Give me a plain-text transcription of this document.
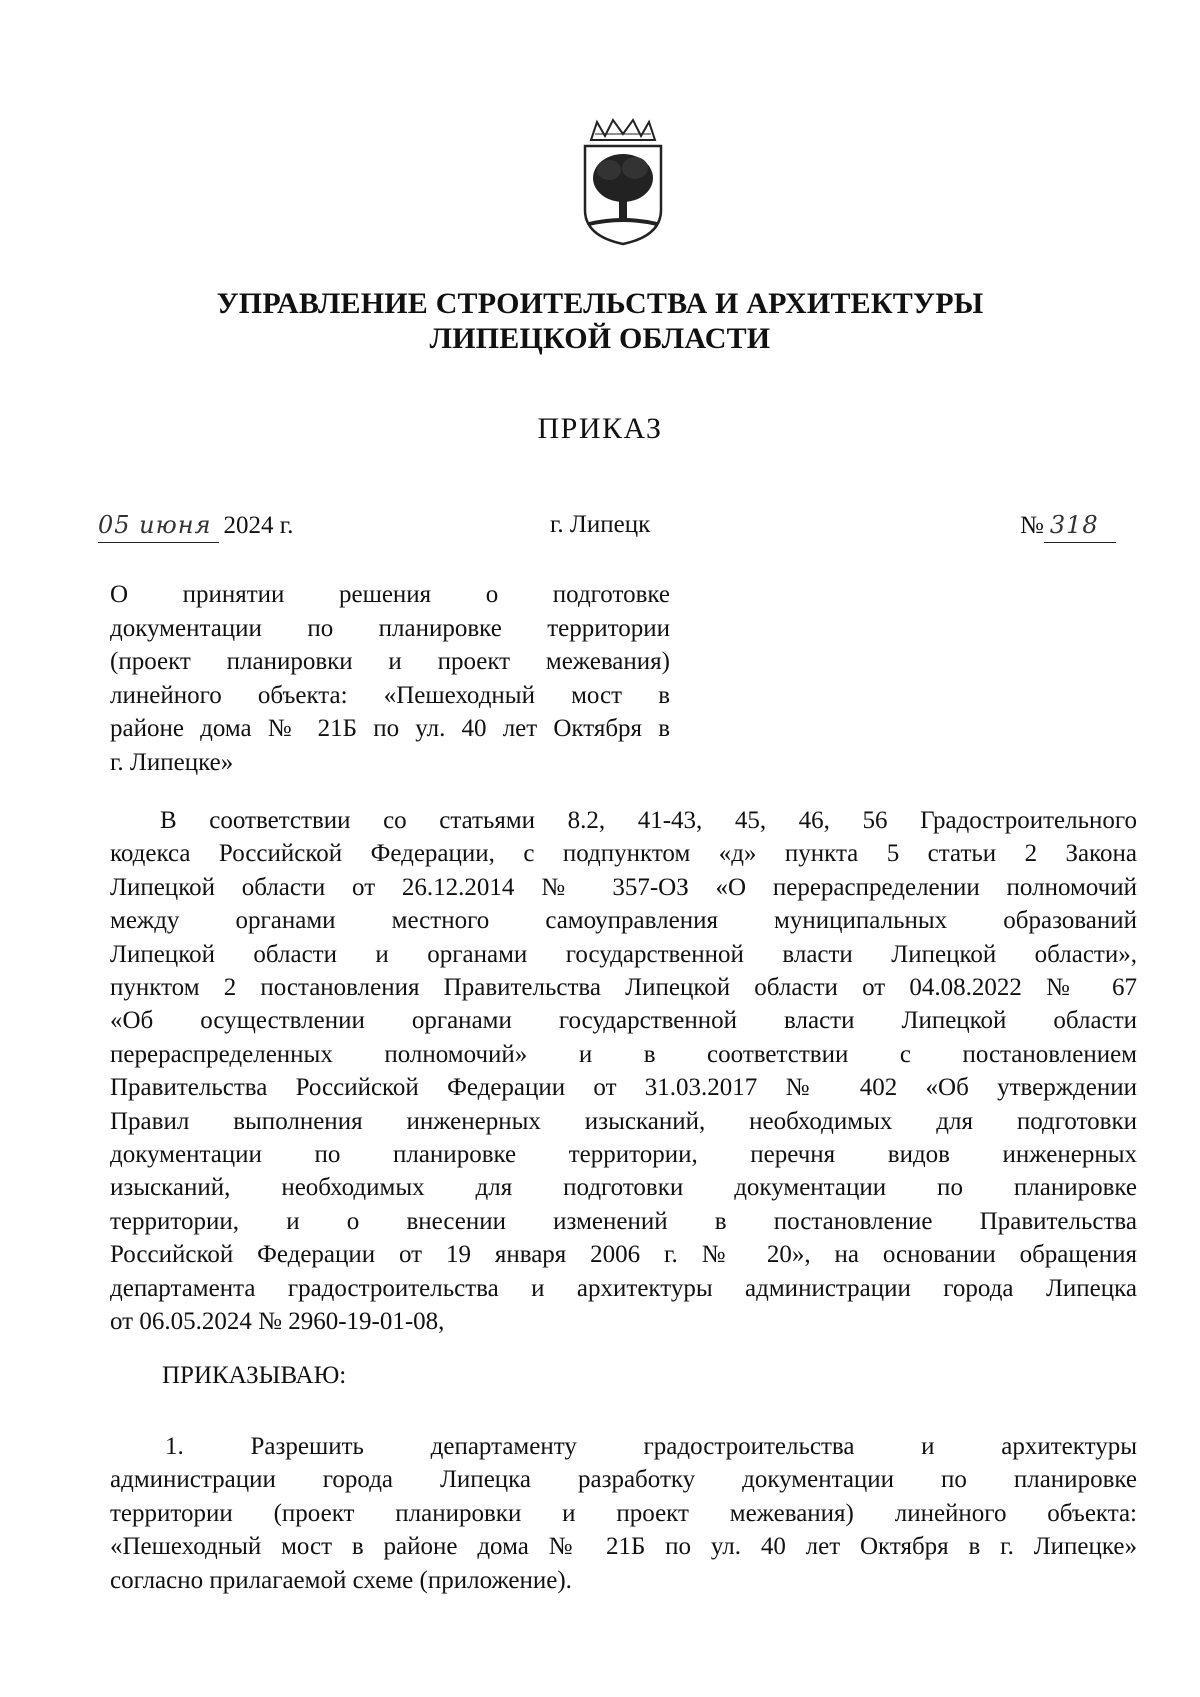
УПРАВЛЕНИЕ СТРОИТЕЛЬСТВА И АРХИТЕКТУРЫ
ЛИПЕЦКОЙ ОБЛАСТИ
ПРИКАЗ
05 июня 2024 г.	г. Липецк	№ 318
О принятии решения о подготовке
документации по планировке территории
(проект планировки и проект межевания)
линейного объекта: «Пешеходный мост в
районе дома № 21Б по ул. 40 лет Октября в
г. Липецке»
В соответствии со статьями 8.2, 41-43, 45, 46, 56 Градостроительного
кодекса Российской Федерации, с подпунктом «д» пункта 5 статьи 2 Закона
Липецкой области от 26.12.2014 № 357-ОЗ «О перераспределении полномочий
между органами местного самоуправления муниципальных образований
Липецкой области и органами государственной власти Липецкой области»,
пунктом 2 постановления Правительства Липецкой области от 04.08.2022 № 67
«Об осуществлении органами государственной власти Липецкой области
перераспределенных полномочий» и в соответствии с постановлением
Правительства Российской Федерации от 31.03.2017 № 402 «Об утверждении
Правил выполнения инженерных изысканий, необходимых для подготовки
документации по планировке территории, перечня видов инженерных
изысканий, необходимых для подготовки документации по планировке
территории, и о внесении изменений в постановление Правительства
Российской Федерации от 19 января 2006 г. № 20», на основании обращения
департамента градостроительства и архитектуры администрации города Липецка
от 06.05.2024 № 2960-19-01-08,
ПРИКАЗЫВАЮ:
1. Разрешить департаменту градостроительства и архитектуры
администрации города Липецка разработку документации по планировке
территории (проект планировки и проект межевания) линейного объекта:
«Пешеходный мост в районе дома № 21Б по ул. 40 лет Октября в г. Липецке»
согласно прилагаемой схеме (приложение).
